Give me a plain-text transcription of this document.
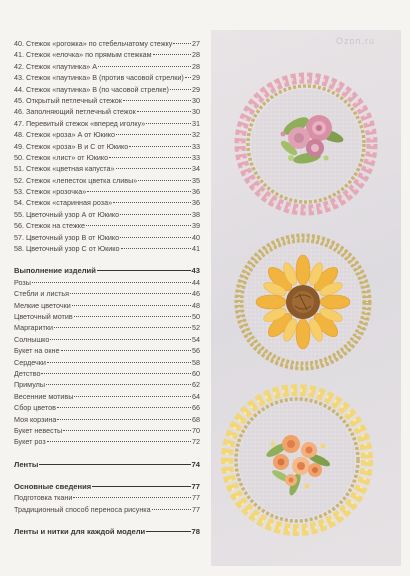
40. Стежок «рогожка» по стебельчатому стежку	27
41. Стежок «елочка» по прямым стежкам	28
42. Стежок «паутинка» А	28
43. Стежок «паутинка» В (против часовой стрелки) 29
44. Стежок «паутинка» В (по часовой стрелке)	29
45. Открытый петлечный стежок	30
46. Заполняющий петлечный стежок	30
47. Перевитый стежок «вперед иголку»	31
48. Стежок «роза» А от Юкико	32
49. Стежок «роза» В и С от Юкико	33
50. Стежок «лист» от Юкико	33
51. Стежок «цветная капуста»	34
52. Стежок «лепесток цветка сливы»	35
53. Стежок «розочка»	36
54. Стежок «старинная роза»	36
55. Цветочный узор А от Юкико	38
56. Стежок на стежке	39
57. Цветочный узор В от Юкико	40
58. Цветочный узор С от Юкико	41
Выполнение изделий	43
Розы	44
Стебли и листья	46
Мелкие цветочки	48
Цветочный мотив	50
Маргаритки	52
Солнышко	54
Букет на окне	56
Сердечки	58
Детство	60
Примулы	62
Весенние мотивы	64
Сбор цветов	66
Моя корзина	68
Букет невесты	70
Букет роз	72
Ленты	74
Основные сведения	77
Подготовка ткани	77
Традиционный способ переноса рисунка	77
Ленты и нитки для каждой модели	78
Ozon.ru
